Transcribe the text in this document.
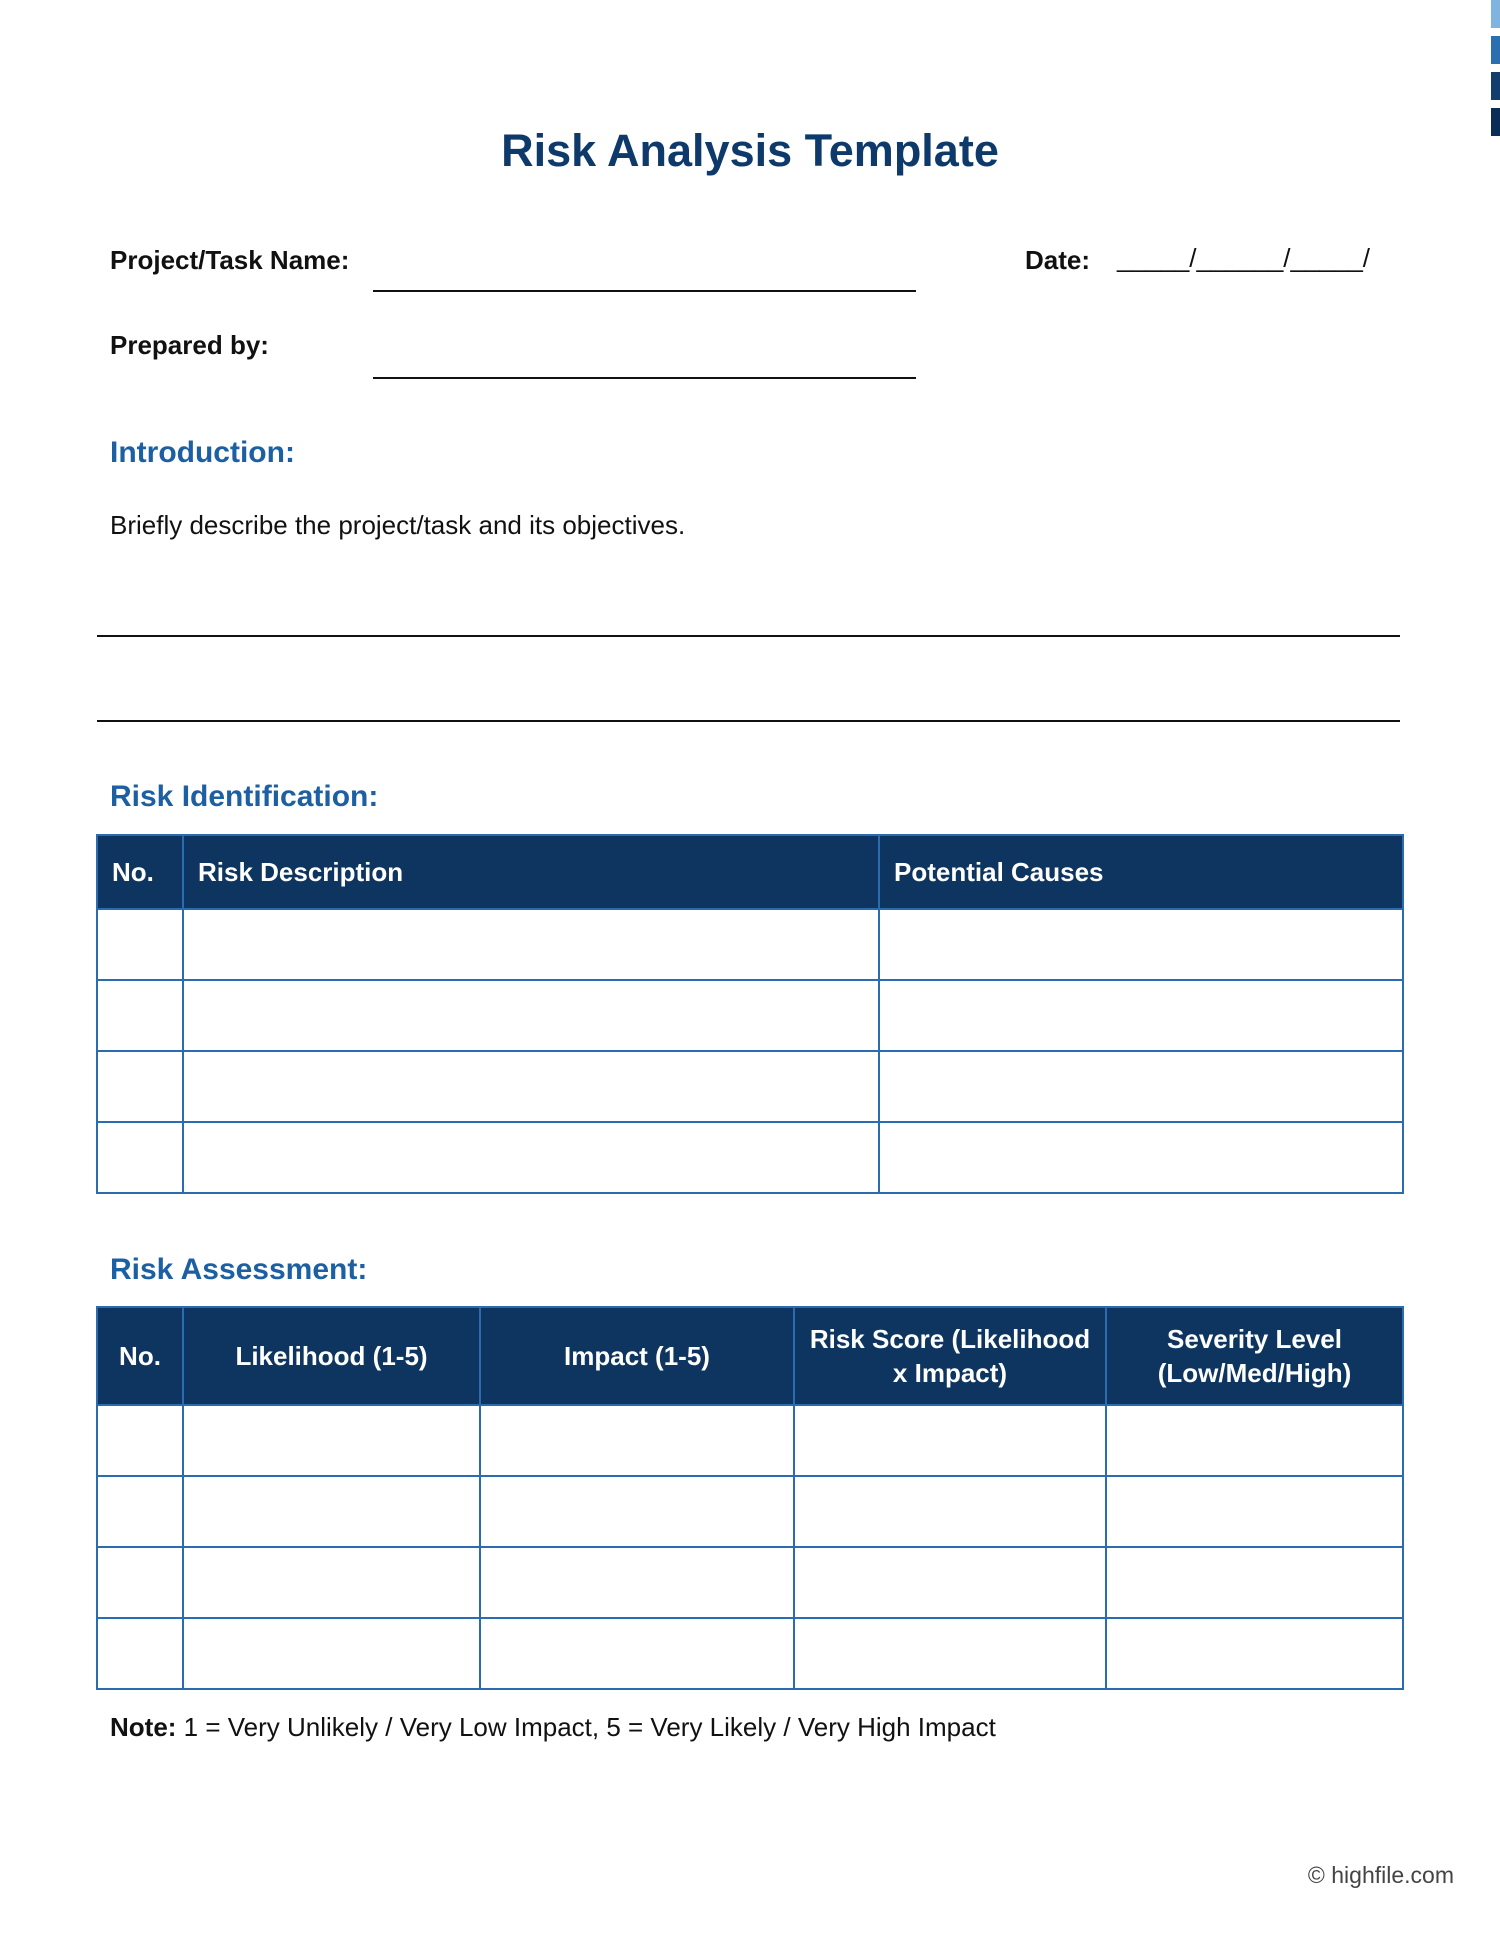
Risk Analysis Template
Project/Task Name:	Date: _____/______/_____/
Prepared by:
Introduction:
Briefly describe the project/task and its objectives.
Risk Identification:
No.	Risk Description	Potential Causes

Risk Assessment:
No.	Likelihood (1-5)	Impact (1-5)	Risk Score (Likelihood x Impact)	Severity Level (Low/Med/High)

Note: 1 = Very Unlikely / Very Low Impact, 5 = Very Likely / Very High Impact
© highfile.com
